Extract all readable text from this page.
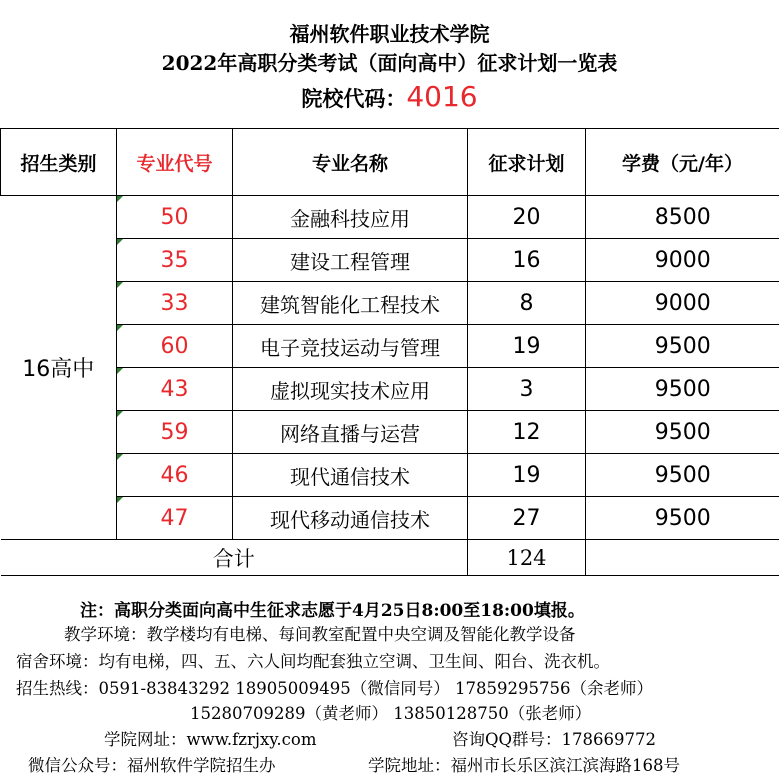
福州软件职业技术学院
2022年高职分类考试（面向高中）征求计划一览表
院校代码：4016
招生类别	专业代号	专业名称	征求计划	学费（元/年）
16高中	50	金融科技应用	20	8500
	35	建设工程管理	16	9000
	33	建筑智能化工程技术	8	9000
	60	电子竞技运动与管理	19	9500
	43	虚拟现实技术应用	3	9500
	59	网络直播与运营	12	9500
	46	现代通信技术	19	9500
	47	现代移动通信技术	27	9500
合计			124	
注：高职分类面向高中生征求志愿于4月25日8:00至18:00填报。
教学环境：教学楼均有电梯、每间教室配置中央空调及智能化教学设备
宿舍环境：均有电梯，四、五、六人间均配套独立空调、卫生间、阳台、洗衣机。
招生热线：0591-83843292 18905009495（微信同号） 17859295756（余老师）
15280709289（黄老师） 13850128750（张老师）
学院网址：www.fzrjxy.com	咨询QQ群号：178669772
微信公众号：福州软件学院招生办	学院地址：福州市长乐区滨江滨海路168号
